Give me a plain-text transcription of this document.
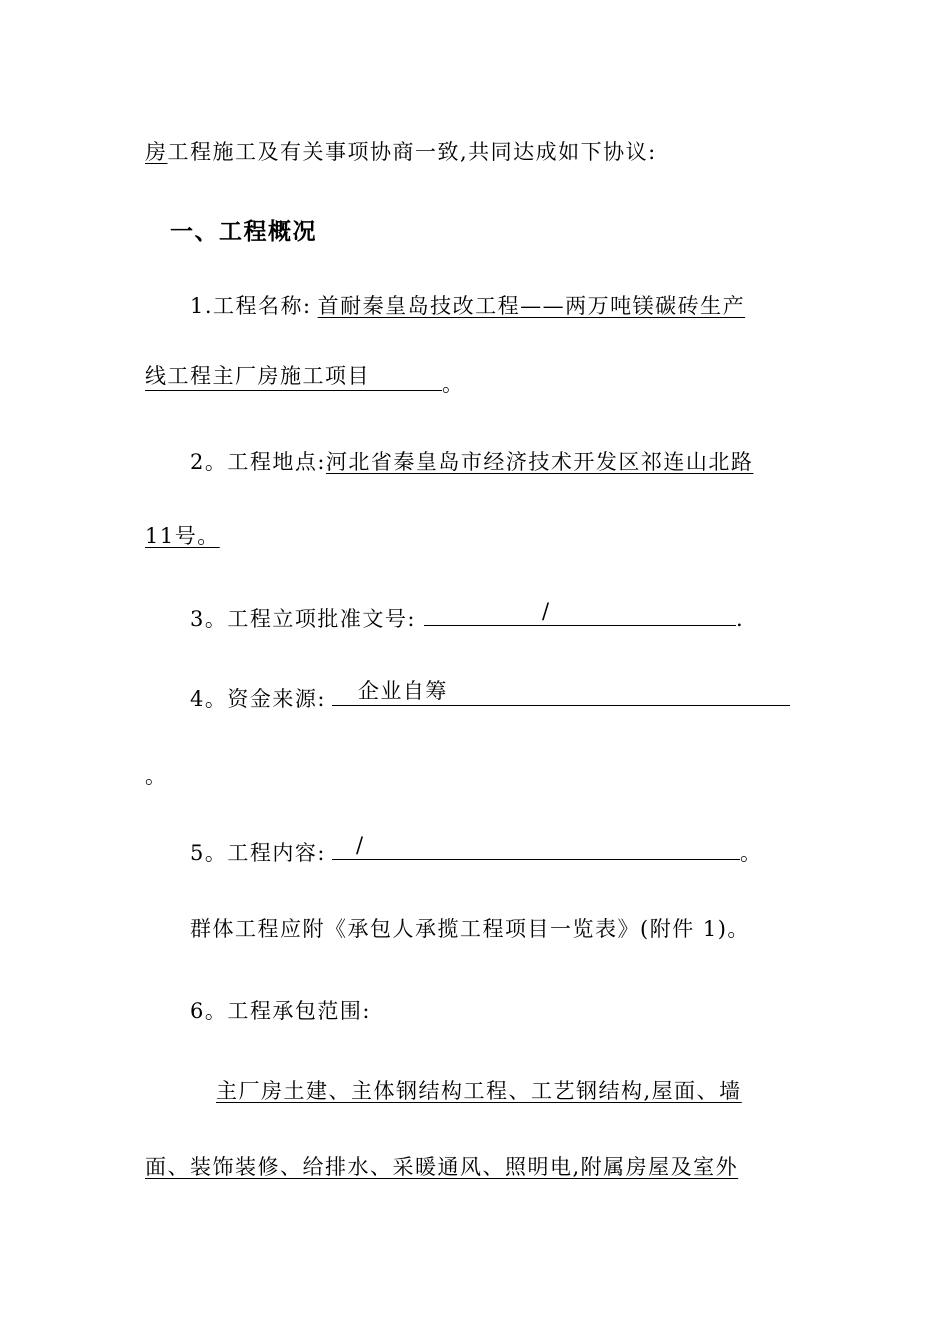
房工程施工及有关事项协商一致,共同达成如下协议:
一、工程概况
1.工程名称: 首耐秦皇岛技改工程——两万吨镁碳砖生产
线工程主厂房施工项目	。
2。工程地点:河北省秦皇岛市经济技术开发区祁连山北路
11号。
3。工程立项批准文号:	/	.
4。资金来源: 企业自筹
。
5。工程内容: /	。
群体工程应附《承包人承揽工程项目一览表》(附件 1)。
6。工程承包范围:
主厂房土建、主体钢结构工程、工艺钢结构,屋面、墙
面、装饰装修、给排水、采暖通风、照明电,附属房屋及室外
